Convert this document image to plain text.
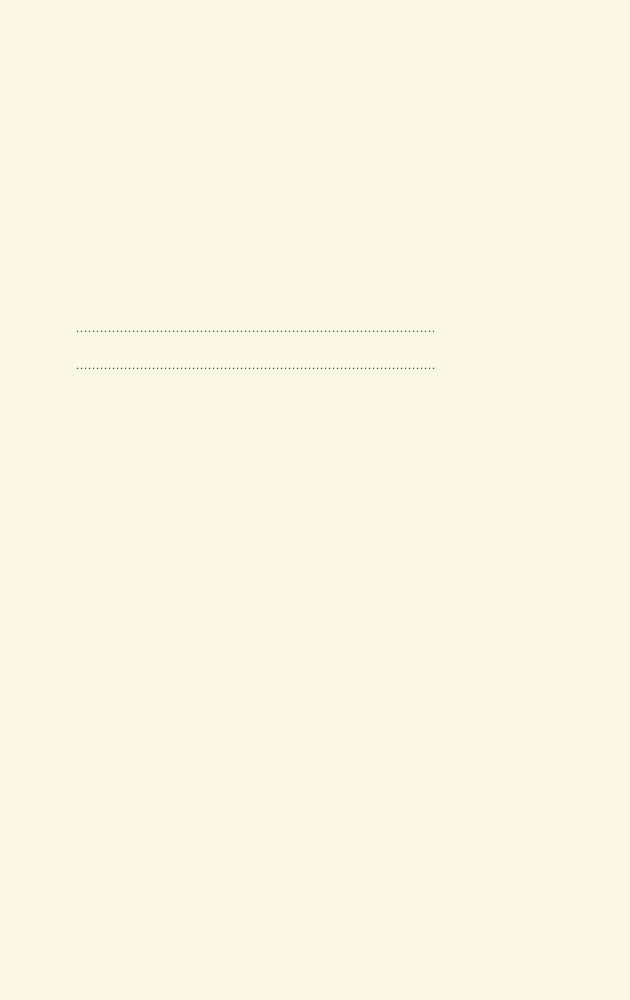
..........................................................................................
..........................................................................................
